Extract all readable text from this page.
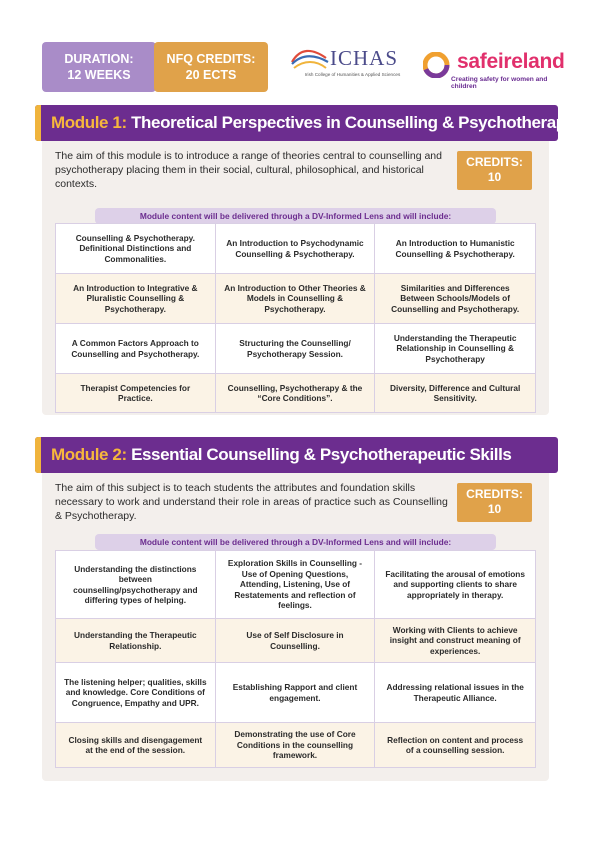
DURATION:
12 WEEKS
NFQ CREDITS:
20 ECTS
ICHAS
Irish College of Humanities & Applied Sciences
safeireland
Creating safety for women and children
The aim of this module is to introduce a range of theories central to counselling and psychotherapy placing them in their social, cultural, philosophical, and historical contexts.
CREDITS:
10
Module content will be delivered through a DV-Informed Lens and will include:
Counselling & Psychotherapy. Definitional Distinctions and Commonalities.
An Introduction to Psychodynamic Counselling & Psychotherapy.
An Introduction to Humanistic Counselling & Psychotherapy.
An Introduction to Integrative & Pluralistic Counselling & Psychotherapy.
An Introduction to Other Theories & Models in Counselling & Psychotherapy.
Similarities and Differences Between Schools/Models of Counselling and Psychotherapy.
A Common Factors Approach to Counselling and Psychotherapy.
Structuring the Counselling/ Psychotherapy Session.
Understanding the Therapeutic Relationship in Counselling & Psychotherapy
Therapist Competencies for Practice.
Counselling, Psychotherapy & the “Core Conditions”.
Diversity, Difference and Cultural Sensitivity.
Module 1: Theoretical Perspectives in Counselling & Psychotherapy
The aim of this subject is to teach students the attributes and foundation skills necessary to work and understand their role in areas of practice such as Counselling & Psychotherapy.
CREDITS:
10
Module content will be delivered through a DV-Informed Lens and will include:
Understanding the distinctions between counselling/psychotherapy and differing types of helping.
Exploration Skills in Counselling - Use of Opening Questions, Attending, Listening, Use of Restatements and reflection of feelings.
Facilitating the arousal of emotions and supporting clients to share appropriately in therapy.
Understanding the Therapeutic Relationship.
Use of Self Disclosure in Counselling.
Working with Clients to achieve insight and construct meaning of experiences.
The listening helper; qualities, skills and knowledge. Core Conditions of Congruence, Empathy and UPR.
Establishing Rapport and client engagement.
Addressing relational issues in the Therapeutic Alliance.
Closing skills and disengagement at the end of the session.
Demonstrating the use of Core Conditions in the counselling framework.
Reflection on content and process of a counselling session.
Module 2: Essential Counselling & Psychotherapeutic Skills
